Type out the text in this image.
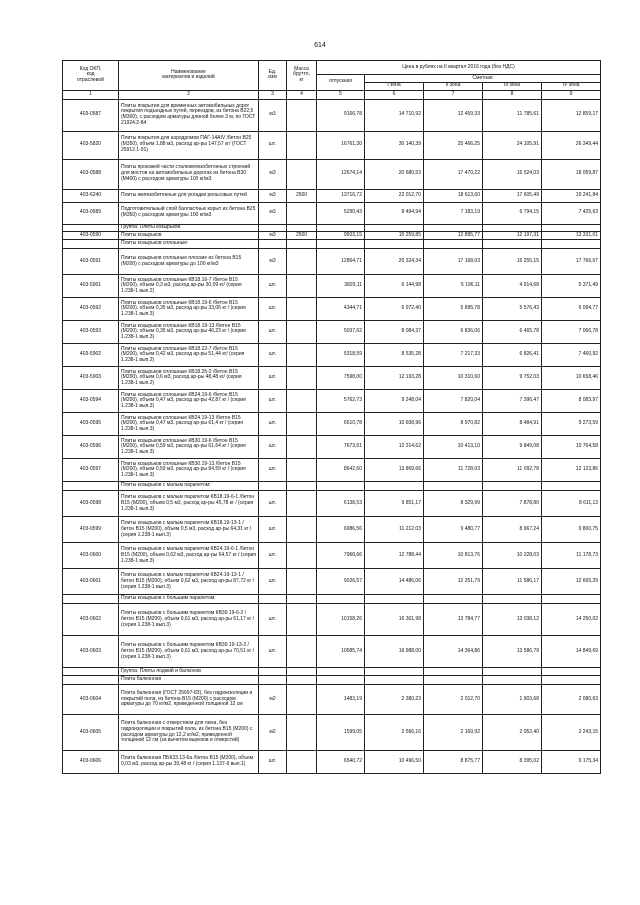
614
Код ОКП,
код
отраслевой	Наименование
материалов и изделий	Ед.
изм	Масса
брутто,
кг	Цена в рублях на II квартал 2016 года (без НДС)				
				отпускная	Сметная			
					I зона	II зона	III зона	IV зона
1	2	3	4	5	6	7	8	9
403-0587	Плиты покрытия для временных автомобильных дорог покрытия подъездных путей, переездов, из бетона В22,5 (М300), с расходом арматуры длиной более 3 м, по ГОСТ 21924.2-84	м3		9166,78	14 710,92	12 459,33	11 785,61	12 859,17
403-5820	Плиты покрытия для аэродромов ПАГ-14АIV /бетон В25 (М350), объем 1,88 м3, расход ар-ры 147,57 кг/ (ГОСТ 25912.1-91)	шт.		16761,30	30 140,39	25 466,25	24 105,91	26 349,44
403-0588	Плиты проезжей части сталежелезобетонных строений для мостов на автомобильных дорогах из бетона В30 (М400) с расходом арматуры 100 кг/м3	м3		12674,14	20 680,53	17 470,22	16 524,03	18 059,87
403-6240	Плиты железобетонные для укладки рельсовых путей	м3	2500	13716,72	22 012,70	18 613,60	17 605,49	19 241,84
403-0589	Подготовительный слой балластных корыт из бетона В25 (М350) с расходом арматуры 100 кг/м3	м3		5290,43	8 494,94	7 183,19	6 794,15	7 425,63
	Группа: Плиты козырьков							
403-0590	Плиты козырьков	м3	2500	9503,15	15 259,85	12 895,77	12 197,31	13 331,01
	Плиты козырьков сплошные:							
403-0591	Плиты козырьков сплошные плоские из бетона В15 (М200) с расходом арматуры до 100 кг/м3	м3		12864,71	20 324,34	17 168,03	16 255,15	17 766,07
403-5901	Плиты козырьков сплошные КВ18.16-7 /бетон В15 (М200), объем 0,3 м3, расход ар-ры 30,09 кг/ (серия 1.238-1 вып.2)	шт.		3829,11	6 144,98	5 196,11	4 914,68	5 371,49
403-0592	Плиты козырьков сплошные КВ18.19-6 /бетон В15 (М200), объем 0,35 м3, расход ар-ры 33,06 кг / (серия 1.238-1 вып.3)	шт.		4344,71	6 972,40	5 895,78	5 576,43	6 094,77
403-0593	Плиты козырьков сплошные КВ18.19-13 /бетон В15 (М200), объем 0,35 м3, расход ар-ры 46,23 кг / (серия 1.238-1 вып.3)	шт.		5037,62	8 084,37	6 836,06	6 465,78	7 066,78
403-5902	Плиты козырьков сплошные КВ18.22-7 /бетон В15 (М200), объем 0,42 м3, расход ар-ры 51,44 кг/ (серия 1.238-1 вып.2)	шт.		5318,59	8 535,28	7 217,33	6 826,41	7 460,92
403-5903	Плиты козырьков сплошные КВ18.25-2 /бетон В15 (М200), объем 0,6 м3, расход ар-ры 48,48 кг/ (серия 1.238-1 вып.2)	шт.		7598,00	12 193,28	10 310,60	9 752,03	10 658,46
403-0594	Плиты козырьков сплошные КВ24.19-6 /бетон В15 (М200), объем 0,47 м3, расход ар-ры 42,87 кг / (серия 1.238-1 вып.3)	шт.		5762,73	9 248,04	7 820,04	7 396,47	8 083,97
403-0595	Плиты козырьков сплошные КВ24.19-13 /бетон В15 (М200), объем 0,47 м3, расход ар-ры 61,4 кг / (серия 1.238-1 вып.3)	шт.		6610,78	10 608,96	8 970,82	8 484,91	9 273,59
403-0596	Плиты козырьков сплошные КВ30.19-6 /бетон В15 (М200), объем 0,59 м3, расход ар-ры 61,64 кг / (серия 1.238-1 вып.3)	шт.		7673,61	12 314,62	10 413,10	9 849,08	10 764,58
403-0597	Плиты козырьков сплошные КВ30.19-13 /бетон В15 (М200), объем 0,59 м3, расход ар-ры 84,59 кг / (серия 1.238-1 вып.3)	шт.		8642,60	13 869,66	11 728,03	11 092,78	12 123,86
	Плиты козырьков с малым парапетом:							
403-0598	Плиты козырьков с малым парапетом КВ18.19-6-1 /бетон В15 (М200), объем 0,5 м3, расход ар-ры 45,78 кг / (серия 1.238-1 вып.3)	шт.		6138,53	9 851,17	8 329,99	7 878,80	8 611,13
403-0599	Плиты козырьков с малым парапетом КВ18.19-13-1 /бетон В15 (М200), объем 0,5 м3, расход ар-ры 64,31 кг / (серия 1.238-1 вып.3)	шт.		6986,56	11 212,03	9 480,77	8 967,24	9 800,75
403-0600	Плиты козырьков с малым парапетом КВ24.19-6-1 /бетон В15 (М200), объем 0,62 м3, расход ар-ры 64,57 кг / (серия 1.238-1 вып.3)	шт.		7968,66	12 788,44	10 813,76	10 228,03	11 178,73
403-0601	Плиты козырьков с малым парапетом КВ24.19-13-1 /бетон В15 (М200), объем 0,62 м3, расход ар-ры 87,72 кг / (серия 1.238-1 вып.3)	шт.		9026,57	14 486,06	12 251,79	11 586,17	12 665,29
	Плиты козырьков с большим парапетом:							
403-0602	Плиты козырьков с большим парапетом КВ30.19-6-2 /бетон В15 (М200), объем 0,61 м3, расход ар-ры 61,17 кг / (серия 1.238-1 вып.3)	шт.		10158,26	16 301,98	13 784,77	13 038,12	14 250,02
403-0603	Плиты козырьков с большим парапетом КВ30.19-13-2 /бетон В15 (М200), объем 0,61 м3, расход ар-ры 70,51 кг / (серия 1.238-1 вып.3)	шт.		10585,74	16 988,00	14 364,86	13 586,79	14 849,69
	Группа: Плиты лоджий и балконов							
	Плита балконная							
403-0604	Плита балконная (ГОСТ 25697-83), без гидроизоляции и покрытий пола, из бетона В15 (М200) с расходом арматуры до 70 кг/м2, приведенной толщиной 12 см	м2		1483,19	2 380,23	2 012,70	1 903,68	2 080,63
403-0605	Плита балконная с отверстием для люка, без гидроизоляции и покрытий пола, из бетона В15 (М200) с расходом арматуры до 12,2 кг/м2, приведенной толщиной 12 см (за вычетом вырезов и отверстий)	м2		1599,05	2 566,16	2 169,92	2 052,40	2 243,15
403-0606	Плита балконная ПБК33.13-6а /бетон В15 (М200), объем 0,03 м3, расход ар-ры 39,48 кг / (серия 1.137-9 вып.1)	шт.		6540,72	10 496,50	8 875,77	8 395,02	9 175,34
